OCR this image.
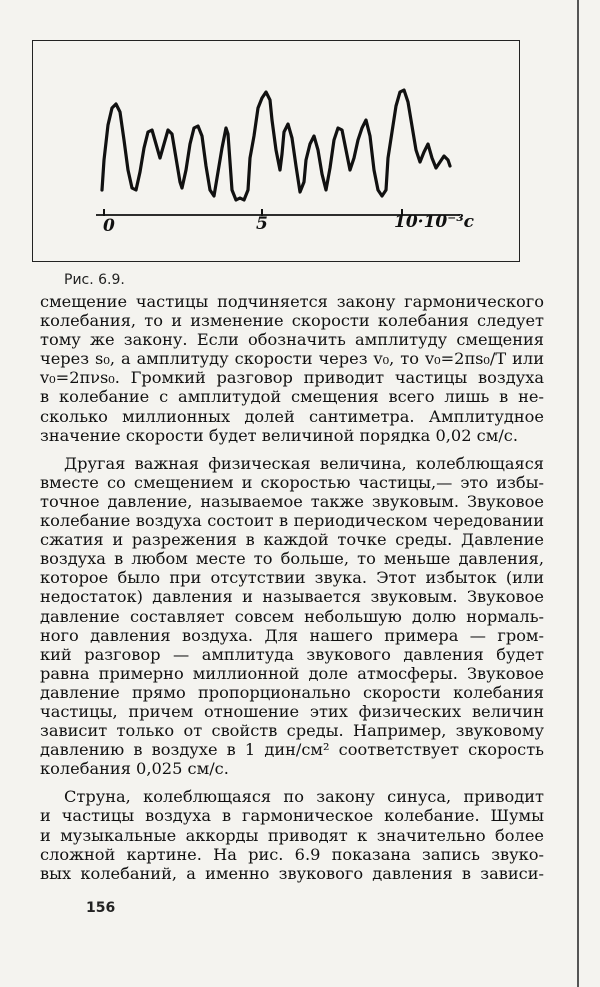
0	5	10·10⁻³с
Рис. 6.9.

смещение частицы подчиняется закону гармонического
колебания, то и изменение скорости колебания следует
тому же закону. Если обозначить амплитуду смещения
через s₀, а амплитуду скорости через v₀, то v₀=2πs₀/T или
v₀=2πνs₀. Громкий разговор приводит частицы воздуха
в колебание с амплитудой смещения всего лишь в не-
сколько миллионных долей сантиметра. Амплитудное
значение скорости будет величиной порядка 0,02 см/с.

Другая важная физическая величина, колеблющаяся
вместе со смещением и скоростью частицы,— это избы-
точное давление, называемое также звуковым. Звуковое
колебание воздуха состоит в периодическом чередовании
сжатия и разрежения в каждой точке среды. Давление
воздуха в любом месте то больше, то меньше давления,
которое было при отсутствии звука. Этот избыток (или
недостаток) давления и называется звуковым. Звуковое
давление составляет совсем небольшую долю нормаль-
ного давления воздуха. Для нашего примера — гром-
кий разговор — амплитуда звукового давления будет
равна примерно миллионной доле атмосферы. Звуковое
давление прямо пропорционально скорости колебания
частицы, причем отношение этих физических величин
зависит только от свойств среды. Например, звуковому
давлению в воздухе в 1 дин/см² соответствует скорость
колебания 0,025 см/с.

Струна, колеблющаяся по закону синуса, приводит
и частицы воздуха в гармоническое колебание. Шумы
и музыкальные аккорды приводят к значительно более
сложной картине. На рис. 6.9 показана запись звуко-
вых колебаний, а именно звукового давления в зависи-

156
